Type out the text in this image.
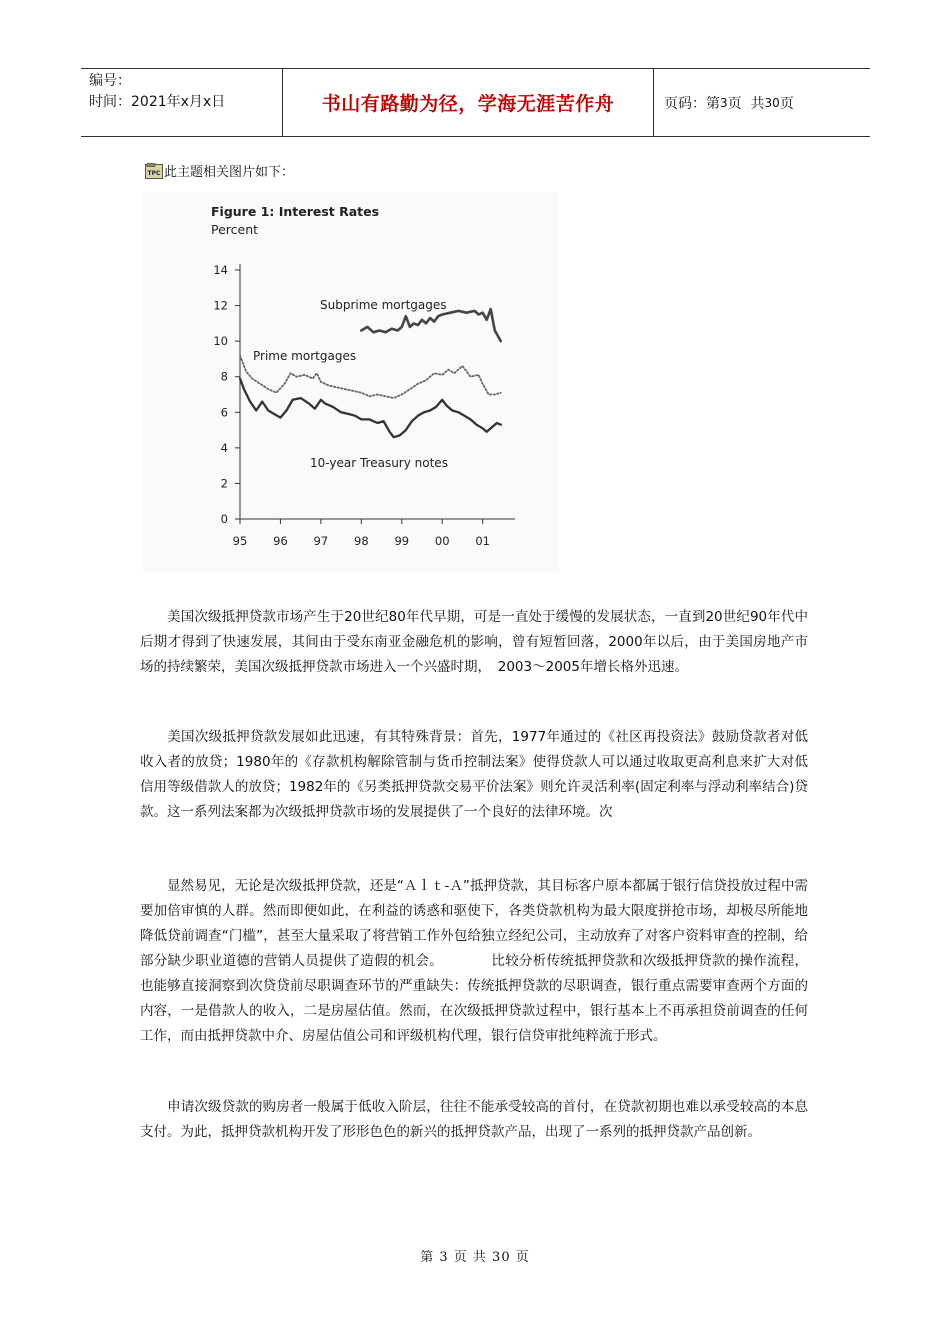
编号：
时间：2021年x月x日	书山有路勤为径，学海无涯苦作舟	页码：第 3 页  共 30 页
TPC 此主题相关图片如下：
Figure 1: Interest Rates
Percent
0
2
4
6
8
10
12
14
95 96 97 98 99 00 01
Subprime mortgages
Prime mortgages
10-year Treasury notes
美国次级抵押贷款市场产生于20世纪80年代早期，可是一直处于缓慢的发展状态，一直到20世纪90年代中后期才得到了快速发展，其间由于受东南亚金融危机的影响，曾有短暂回落，2000年以后，由于美国房地产市场的持续繁荣，美国次级抵押贷款市场进入一个兴盛时期，　2003～2005年增长格外迅速。
美国次级抵押贷款发展如此迅速，有其特殊背景：首先，1977年通过的《社区再投资法》鼓励贷款者对低收入者的放贷；1980年的《存款机构解除管制与货币控制法案》使得贷款人可以通过收取更高利息来扩大对低信用等级借款人的放贷；1982年的《另类抵押贷款交易平价法案》则允许灵活利率(固定利率与浮动利率结合)贷款。这一系列法案都为次级抵押贷款市场的发展提供了一个良好的法律环境。次
显然易见，无论是次级抵押贷款，还是“Ａｌｔ-Ａ”抵押贷款，其目标客户原本都属于银行信贷投放过程中需要加倍审慎的人群。然而即便如此，在利益的诱惑和驱使下，各类贷款机构为最大限度拼抢市场，却极尽所能地降低贷前调查“门槛”，甚至大量采取了将营销工作外包给独立经纪公司，主动放弃了对客户资料审查的控制，给部分缺少职业道德的营销人员提供了造假的机会。　　　　比较分析传统抵押贷款和次级抵押贷款的操作流程，也能够直接洞察到次贷贷前尽职调查环节的严重缺失：传统抵押贷款的尽职调查，银行重点需要审查两个方面的内容，一是借款人的收入，二是房屋估值。然而，在次级抵押贷款过程中，银行基本上不再承担贷前调查的任何工作，而由抵押贷款中介、房屋估值公司和评级机构代理，银行信贷审批纯粹流于形式。
申请次级贷款的购房者一般属于低收入阶层，往往不能承受较高的首付，在贷款初期也难以承受较高的本息支付。为此，抵押贷款机构开发了形形色色的新兴的抵押贷款产品，出现了一系列的抵押贷款产品创新。
第 3 页 共 30 页
